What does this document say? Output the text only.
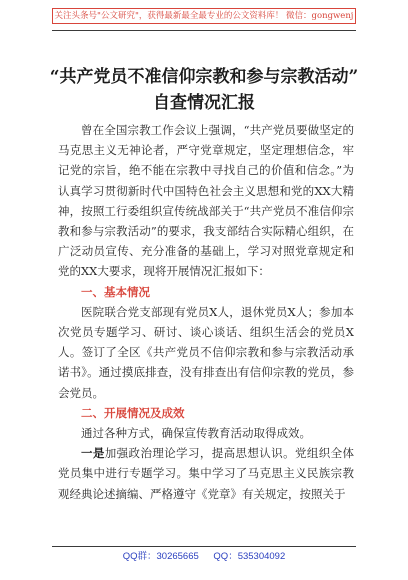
关注头条号"公文研究"，获得最新最全最专业的公文资料库！ 微信：gongwenj
“共产党员不准信仰宗教和参与宗教活动”
自查情况汇报

曾在全国宗教工作会议上强调，“共产党员要做坚定的马克思主义无神论者，严守党章规定，坚定理想信念，牢记党的宗旨，绝不能在宗教中寻找自己的价值和信念。”为认真学习贯彻新时代中国特色社会主义思想和党的XX大精神，按照工行委组织宣传统战部关于“共产党员不准信仰宗教和参与宗教活动”的要求，我支部结合实际精心组织，在广泛动员宣传、充分准备的基础上，学习对照党章规定和党的XX大要求，现将开展情况汇报如下：

一、基本情况

医院联合党支部现有党员X人，退休党员X人；参加本次党员专题学习、研讨、谈心谈话、组织生活会的党员X人。签订了全区《共产党员不信仰宗教和参与宗教活动承诺书》。通过摸底排查，没有排查出有信仰宗教的党员，参会党员。

二、开展情况及成效

通过各种方式，确保宣传教育活动取得成效。

一是加强政治理论学习，提高思想认识。党组织全体党员集中进行专题学习。集中学习了马克思主义民族宗教观经典论述摘编、严格遵守《党章》有关规定，按照关于

QQ群：30265665 QQ：535304092
